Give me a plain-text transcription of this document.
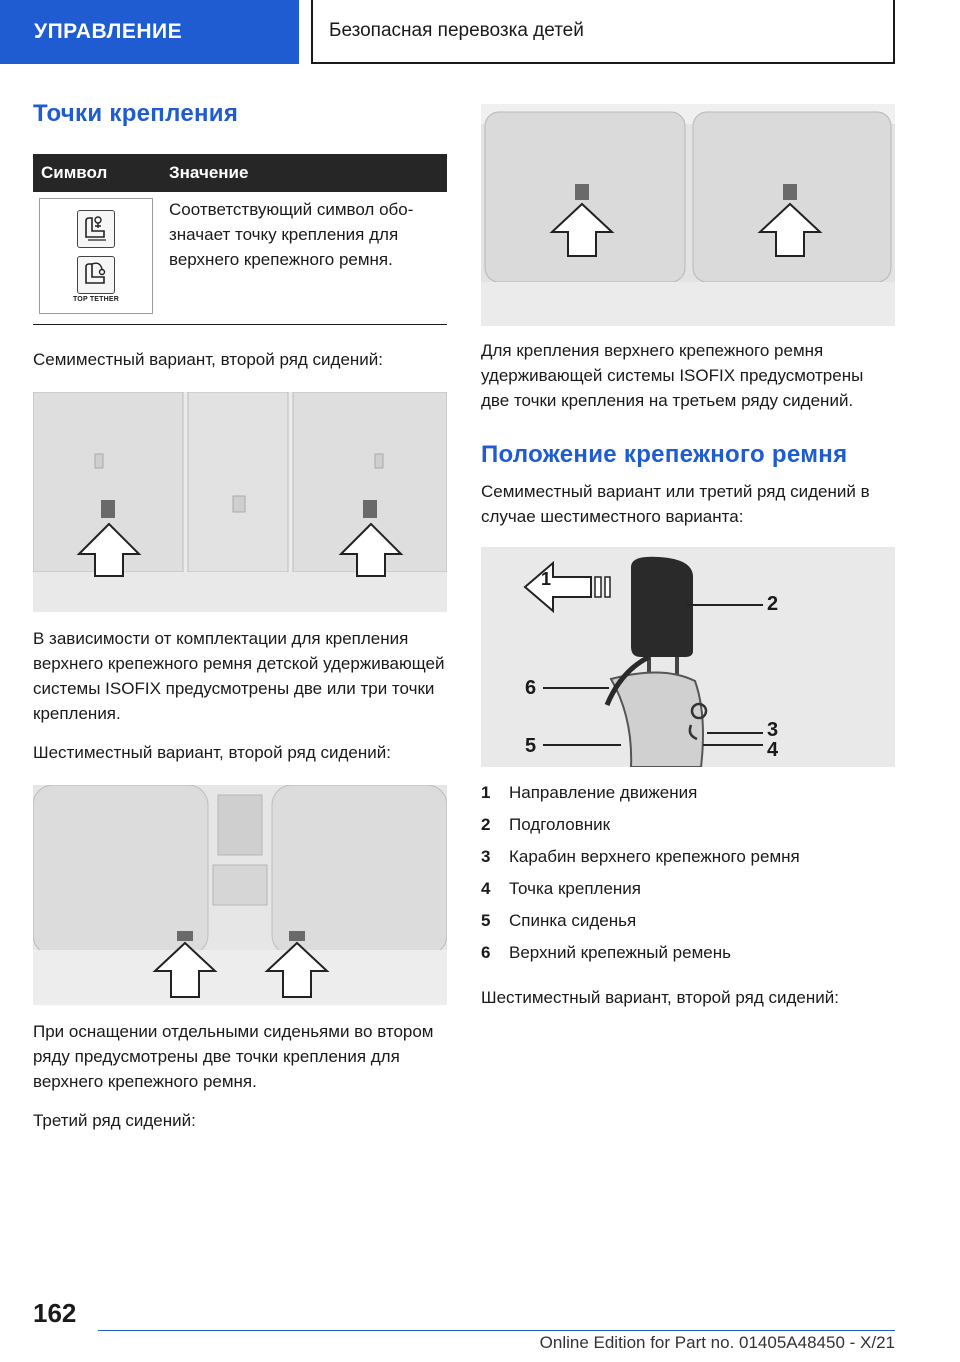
УПРАВЛЕНИЕ	Безопасная перевозка детей
Точки крепления
Символ	Значение

TOP TETHER	Соответствующий символ обозначает точку крепления для верхнего крепежного ремня.

Семиместный вариант, второй ряд сидений:

В зависимости от комплектации для крепления верхнего крепежного ремня детской удерживающей системы ISOFIX предусмотрены две или три точки крепления.

Шестиместный вариант, второй ряд сидений:

При оснащении отдельными сиденьями во втором ряду предусмотрены две точки крепления для верхнего крепежного ремня.

Третий ряд сидений:

Для крепления верхнего крепежного ремня удерживающей системы ISOFIX предусмотрены две точки крепления на третьем ряду сидений.

Положение крепежного ремня

Семиместный вариант или третий ряд сидений в случае шестиместного варианта:

1
2
3
4
5
6
1	Направление движения
2	Подголовник
3	Карабин верхнего крепежного ремня
4	Точка крепления
5	Спинка сиденья
6	Верхний крепежный ремень

Шестиместный вариант, второй ряд сидений:

162
Online Edition for Part no. 01405A48450 - X/21
